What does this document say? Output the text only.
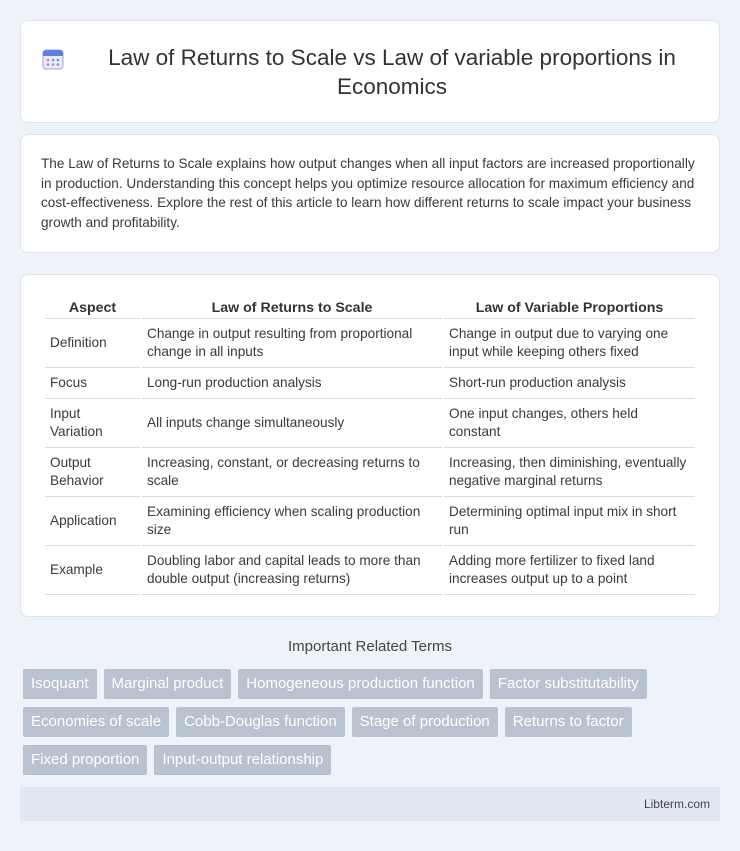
Law of Returns to Scale vs Law of variable proportions in Economics

The Law of Returns to Scale explains how output changes when all input factors are increased proportionally in production. Understanding this concept helps you optimize resource allocation for maximum efficiency and cost-effectiveness. Explore the rest of this article to learn how different returns to scale impact your business growth and profitability.

Aspect	Law of Returns to Scale	Law of Variable Proportions
Definition	Change in output resulting from proportional change in all inputs	Change in output due to varying one input while keeping others fixed
Focus	Long-run production analysis	Short-run production analysis
Input Variation	All inputs change simultaneously	One input changes, others held constant
Output Behavior	Increasing, constant, or decreasing returns to scale	Increasing, then diminishing, eventually negative marginal returns
Application	Examining efficiency when scaling production size	Determining optimal input mix in short run
Example	Doubling labor and capital leads to more than double output (increasing returns)	Adding more fertilizer to fixed land increases output up to a point
Important Related Terms
Isoquant	Marginal product	Homogeneous production function	Factor substitutability
Economies of scale	Cobb-Douglas function	Stage of production	Returns to factor
Fixed proportion	Input-output relationship
Libterm.com
